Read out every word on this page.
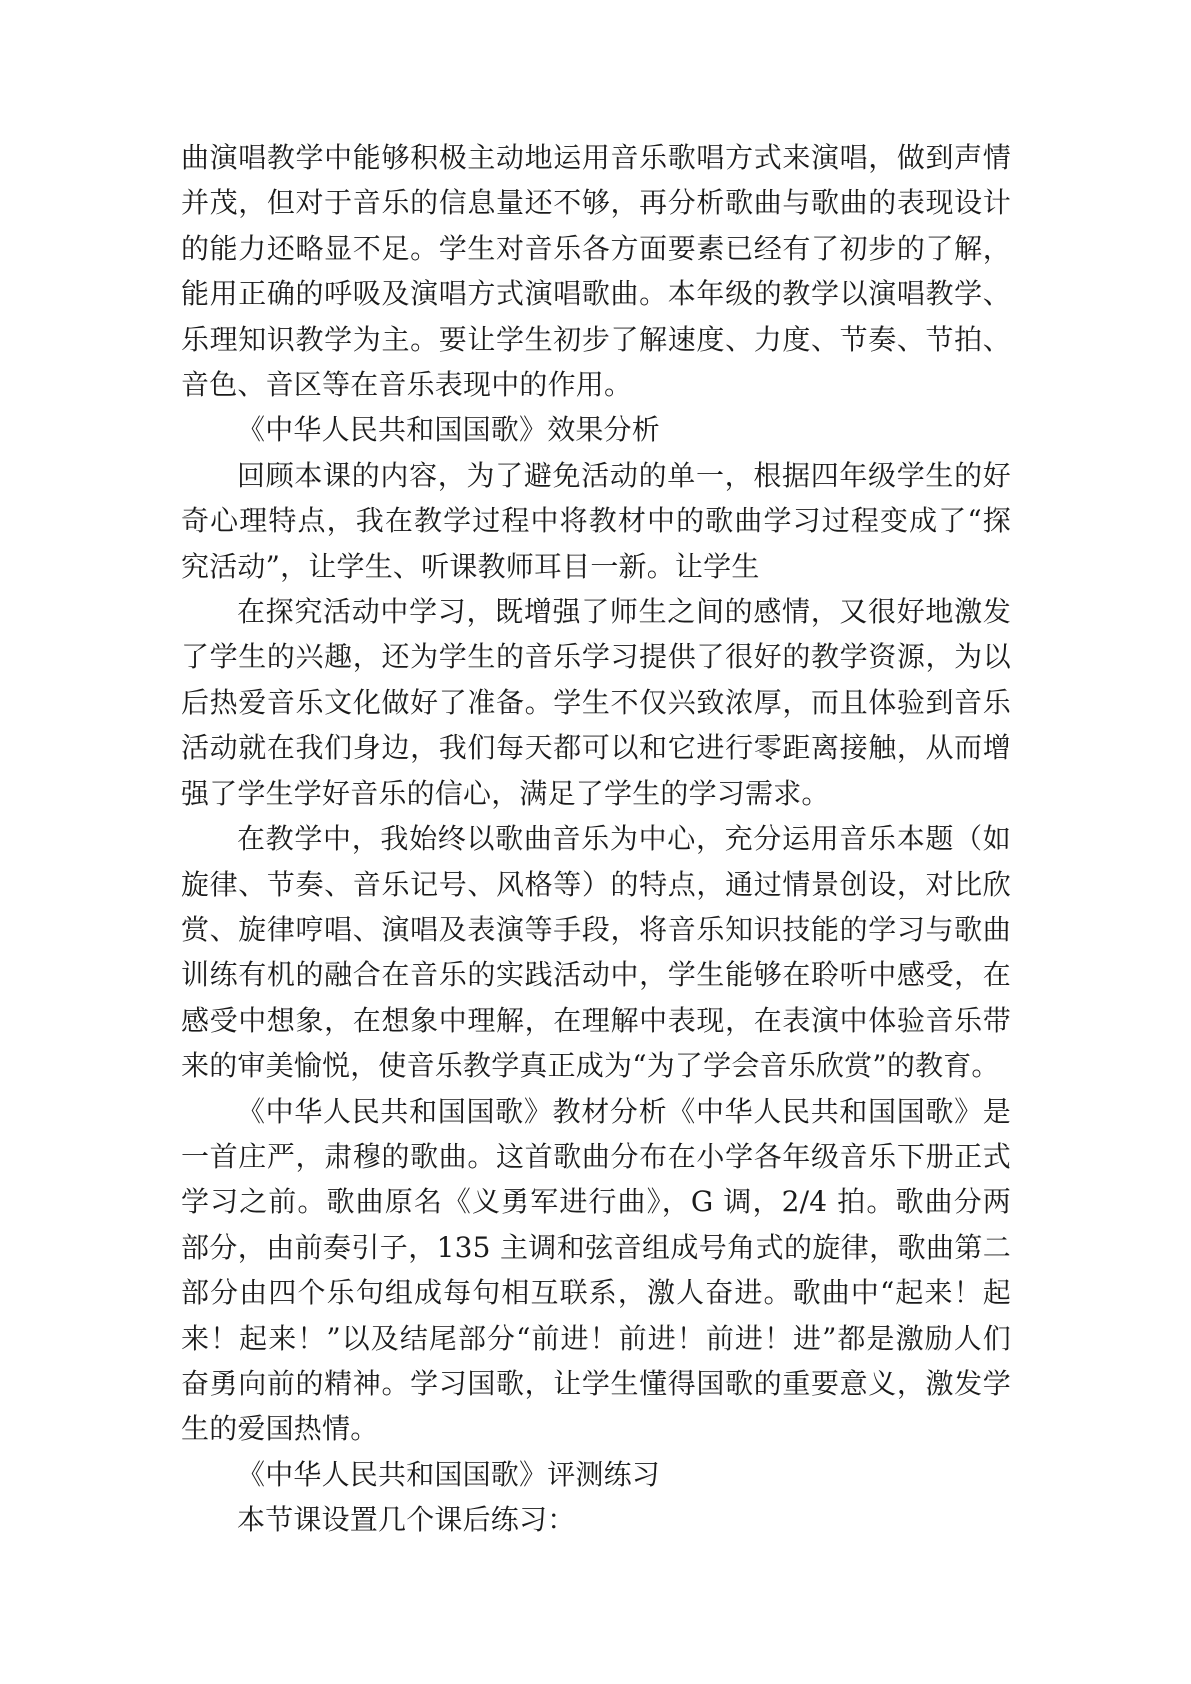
曲演唱教学中能够积极主动地运用音乐歌唱方式来演唱，做到声情并茂，但对于音乐的信息量还不够，再分析歌曲与歌曲的表现设计的能力还略显不足。学生对音乐各方面要素已经有了初步的了解，能用正确的呼吸及演唱方式演唱歌曲。本年级的教学以演唱教学、乐理知识教学为主。要让学生初步了解速度、力度、节奏、节拍、音色、音区等在音乐表现中的作用。

《中华人民共和国国歌》效果分析

回顾本课的内容，为了避免活动的单一，根据四年级学生的好奇心理特点，我在教学过程中将教材中的歌曲学习过程变成了“探究活动”，让学生、听课教师耳目一新。让学生

在探究活动中学习，既增强了师生之间的感情，又很好地激发了学生的兴趣，还为学生的音乐学习提供了很好的教学资源，为以后热爱音乐文化做好了准备。学生不仅兴致浓厚，而且体验到音乐活动就在我们身边，我们每天都可以和它进行零距离接触，从而增强了学生学好音乐的信心，满足了学生的学习需求。

在教学中，我始终以歌曲音乐为中心，充分运用音乐本题（如旋律、节奏、音乐记号、风格等）的特点，通过情景创设，对比欣赏、旋律哼唱、演唱及表演等手段，将音乐知识技能的学习与歌曲训练有机的融合在音乐的实践活动中，学生能够在聆听中感受，在感受中想象，在想象中理解，在理解中表现，在表演中体验音乐带来的审美愉悦，使音乐教学真正成为“为了学会音乐欣赏”的教育。

《中华人民共和国国歌》教材分析《中华人民共和国国歌》是一首庄严，肃穆的歌曲。这首歌曲分布在小学各年级音乐下册正式学习之前。歌曲原名《义勇军进行曲》，G 调，2/4 拍。歌曲分两部分，由前奏引子，135 主调和弦音组成号角式的旋律，歌曲第二部分由四个乐句组成每句相互联系，激人奋进。歌曲中“起来！起来！起来！”以及结尾部分“前进！前进！前进！进”都是激励人们奋勇向前的精神。学习国歌，让学生懂得国歌的重要意义，激发学生的爱国热情。

《中华人民共和国国歌》评测练习

本节课设置几个课后练习：
